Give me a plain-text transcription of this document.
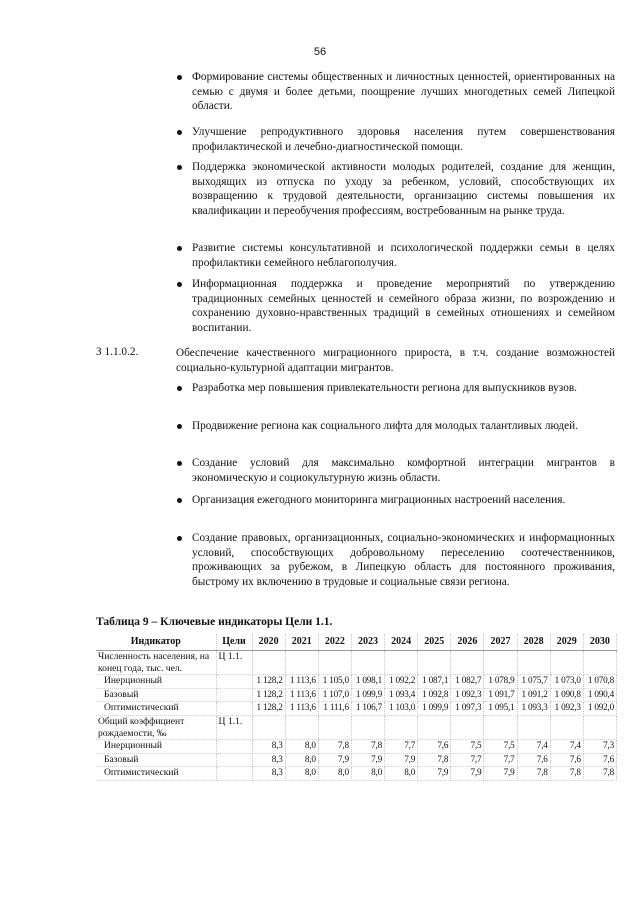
56
Формирование системы общественных и личностных ценностей, ориентированных на семью с двумя и более детьми, поощрение лучших многодетных семей Липецкой области.
Улучшение репродуктивного здоровья населения путем совершенствования профилактической и лечебно-диагностической помощи.
Поддержка экономической активности молодых родителей, создание для женщин, выходящих из отпуска по уходу за ребенком, условий, способствующих их возвращению к трудовой деятельности, организацию системы повышения их квалификации и переобучения профессиям, востребованным на рынке труда.
Развитие системы консультативной и психологической поддержки семьи в целях профилактики семейного неблагополучия.
Информационная поддержка и проведение мероприятий по утверждению традиционных семейных ценностей и семейного образа жизни, по возрождению и сохранению духовно-нравственных традиций в семейных отношениях и семейном воспитании.
З 1.1.0.2.	Обеспечение качественного миграционного прироста, в т.ч. создание возможностей социально-культурной адаптации мигрантов.
Разработка мер повышения привлекательности региона для выпускников вузов.
Продвижение региона как социального лифта для молодых талантливых людей.
Создание условий для максимально комфортной интеграции мигрантов в экономическую и социокультурную жизнь области.
Организация ежегодного мониторинга миграционных настроений населения.
Создание правовых, организационных, социально-экономических и информационных условий, способствующих добровольному переселению соотечественников, проживающих за рубежом, в Липецкую область для постоянного проживания, быстрому их включению в трудовые и социальные связи региона.
Таблица 9 – Ключевые индикаторы Цели 1.1.
Индикатор	Цели	2020	2021	2022	2023	2024	2025	2026	2027	2028	2029	2030
Численность населения, на конец года, тыс. чел.	Ц 1.1.											
Инерционный		1 128,2	1 113,6	1 105,0	1 098,1	1 092,2	1 087,1	1 082,7	1 078,9	1 075,7	1 073,0	1 070,8
Базовый		1 128,2	1 113,6	1 107,0	1 099,9	1 093,4	1 092,8	1 092,3	1 091,7	1 091,2	1 090,8	1 090,4
Оптимистический		1 128,2	1 113,6	1 111,6	1 106,7	1 103,0	1 099,9	1 097,3	1 095,1	1 093,3	1 092,3	1 092,0
Общий коэффициент рождаемости, ‰	Ц 1.1.											
Инерционный		8,3	8,0	7,8	7,8	7,7	7,6	7,5	7,5	7,4	7,4	7,3
Базовый		8,3	8,0	7,9	7,9	7,9	7,8	7,7	7,7	7,6	7,6	7,6
Оптимистический		8,3	8,0	8,0	8,0	8,0	7,9	7,9	7,9	7,8	7,8	7,8
